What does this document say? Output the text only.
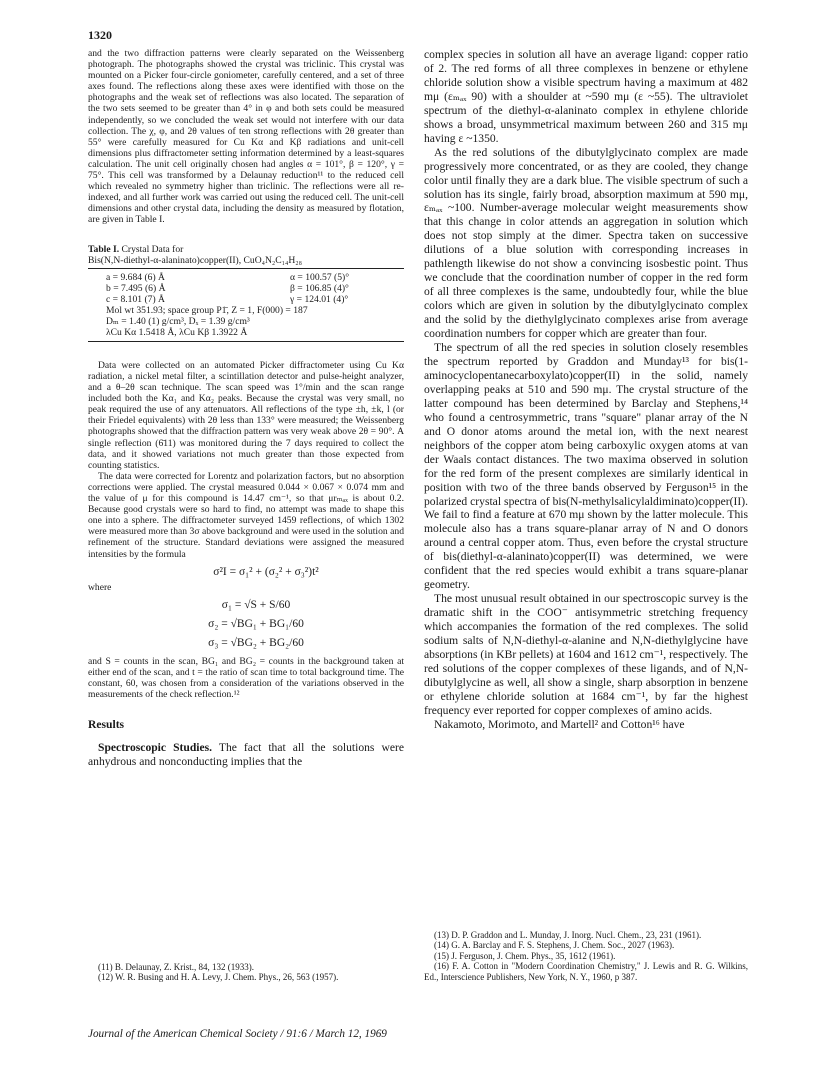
1320

and the two diffraction patterns were clearly separated on the Weissenberg photograph. The photographs showed the crystal was triclinic. This crystal was mounted on a Picker four-circle goniometer, carefully centered, and a set of three axes found. The reflections along these axes were identified with those on the photographs and the weak set of reflections was also located. The separation of the two sets seemed to be greater than 4° in φ and both sets could be measured independently, so we concluded the weak set would not interfere with our data collection. The χ, φ, and 2θ values of ten strong reflections with 2θ greater than 55° were carefully measured for Cu Kα and Kβ radiations and unit-cell dimensions plus diffractometer setting information determined by a least-squares calculation. The unit cell originally chosen had angles α = 101°, β = 120°, γ = 75°. This cell was transformed by a Delaunay reduction¹¹ to the reduced cell which revealed no symmetry higher than triclinic. The reflections were all re-indexed, and all further work was carried out using the reduced cell. The unit-cell dimensions and other crystal data, including the density as measured by flotation, are given in Table I.

Table I. Crystal Data for
Bis(N,N-diethyl-α-alaninato)copper(II), CuO₄N₂C₁₄H₂₈
a = 9.684 (6) Å	α = 100.57 (5)°
b = 7.495 (6) Å	β = 106.85 (4)°
c = 8.101 (7) Å	γ = 124.01 (4)°
Mol wt 351.93; space group P1̄, Z = 1, F(000) = 187
Dₘ = 1.40 (1) g/cm³, Dₓ = 1.39 g/cm³
λCu Kα 1.5418 Å, λCu Kβ 1.3922 Å

Data were collected on an automated Picker diffractometer using Cu Kα radiation, a nickel metal filter, a scintillation detector and pulse-height analyzer, and a θ–2θ scan technique. The scan speed was 1°/min and the scan range included both the Kα₁ and Kα₂ peaks. Because the crystal was very small, no peak required the use of any attenuators. All reflections of the type ±h, ±k, l (or their Friedel equivalents) with 2θ less than 133° were measured; the Weissenberg photographs showed that the diffraction pattern was very weak above 2θ = 90°. A single reflection (6̄11) was monitored during the 7 days required to collect the data, and it showed variations not much greater than those expected from counting statistics.

The data were corrected for Lorentz and polarization factors, but no absorption corrections were applied. The crystal measured 0.044 × 0.067 × 0.074 mm and the value of μ for this compound is 14.47 cm⁻¹, so that μrₘₐₓ is about 0.2. Because good crystals were so hard to find, no attempt was made to shape this one into a sphere. The diffractometer surveyed 1459 reflections, of which 1302 were measured more than 3σ above background and were used in the solution and refinement of the structure. Standard deviations were assigned the measured intensities by the formula

σ²I = σ₁² + (σ₂² + σ₃²)t²
where
σ₁ = √S + S/60
σ₂ = √BG₁ + BG₁/60
σ₃ = √BG₂ + BG₂/60

and S = counts in the scan, BG₁ and BG₂ = counts in the background taken at either end of the scan, and t = the ratio of scan time to total background time. The constant, 60, was chosen from a consideration of the variations observed in the measurements of the check reflection.¹²

Results

Spectroscopic Studies. The fact that all the solutions were anhydrous and nonconducting implies that the

complex species in solution all have an average ligand: copper ratio of 2. The red forms of all three complexes in benzene or ethylene chloride solution show a visible spectrum having a maximum at 482 mμ (εₘₐₓ 90) with a shoulder at ~590 mμ (ε ~55). The ultraviolet spectrum of the diethyl-α-alaninato complex in ethylene chloride shows a broad, unsymmetrical maximum between 260 and 315 mμ having ε ~1350.

As the red solutions of the dibutylglycinato complex are made progressively more concentrated, or as they are cooled, they change color until finally they are a dark blue. The visible spectrum of such a solution has its single, fairly broad, absorption maximum at 590 mμ, εₘₐₓ ~100. Number-average molecular weight measurements show that this change in color attends an aggregation in solution which does not stop simply at the dimer. Spectra taken on successive dilutions of a blue solution with corresponding increases in pathlength likewise do not show a convincing isosbestic point. Thus we conclude that the coordination number of copper in the red form of all three complexes is the same, undoubtedly four, while the blue colors which are given in solution by the dibutylglycinato complex and the solid by the diethylglycinato complexes arise from average coordination numbers for copper which are greater than four.

The spectrum of all the red species in solution closely resembles the spectrum reported by Graddon and Munday¹³ for bis(1-aminocyclopentanecarboxylato)copper(II) in the solid, namely overlapping peaks at 510 and 590 mμ. The crystal structure of the latter compound has been determined by Barclay and Stephens,¹⁴ who found a centrosymmetric, trans "square" planar array of the N and O donor atoms around the metal ion, with the next nearest neighbors of the copper atom being carboxylic oxygen atoms at van der Waals contact distances. The two maxima observed in solution for the red form of the present complexes are similarly identical in position with two of the three bands observed by Ferguson¹⁵ in the polarized crystal spectra of bis(N-methylsalicylaldiminato)copper(II). We fail to find a feature at 670 mμ shown by the latter molecule. This molecule also has a trans square-planar array of N and O donors around a central copper atom. Thus, even before the crystal structure of bis(diethyl-α-alaninato)copper(II) was determined, we were confident that the red species would exhibit a trans square-planar geometry.

The most unusual result obtained in our spectroscopic survey is the dramatic shift in the COO⁻ antisymmetric stretching frequency which accompanies the formation of the red complexes. The solid sodium salts of N,N-diethyl-α-alanine and N,N-diethylglycine have absorptions (in KBr pellets) at 1604 and 1612 cm⁻¹, respectively. The red solutions of the copper complexes of these ligands, and of N,N-dibutylglycine as well, all show a single, sharp absorption in benzene or ethylene chloride solution at 1684 cm⁻¹, by far the highest frequency ever reported for copper complexes of amino acids.

Nakamoto, Morimoto, and Martell² and Cotton¹⁶ have

(11) B. Delaunay, Z. Krist., 84, 132 (1933).

(12) W. R. Busing and H. A. Levy, J. Chem. Phys., 26, 563 (1957).

(13) D. P. Graddon and L. Munday, J. Inorg. Nucl. Chem., 23, 231 (1961).

(14) G. A. Barclay and F. S. Stephens, J. Chem. Soc., 2027 (1963).

(15) J. Ferguson, J. Chem. Phys., 35, 1612 (1961).

(16) F. A. Cotton in "Modern Coordination Chemistry," J. Lewis and R. G. Wilkins, Ed., Interscience Publishers, New York, N. Y., 1960, p 387.

Journal of the American Chemical Society / 91:6 / March 12, 1969
